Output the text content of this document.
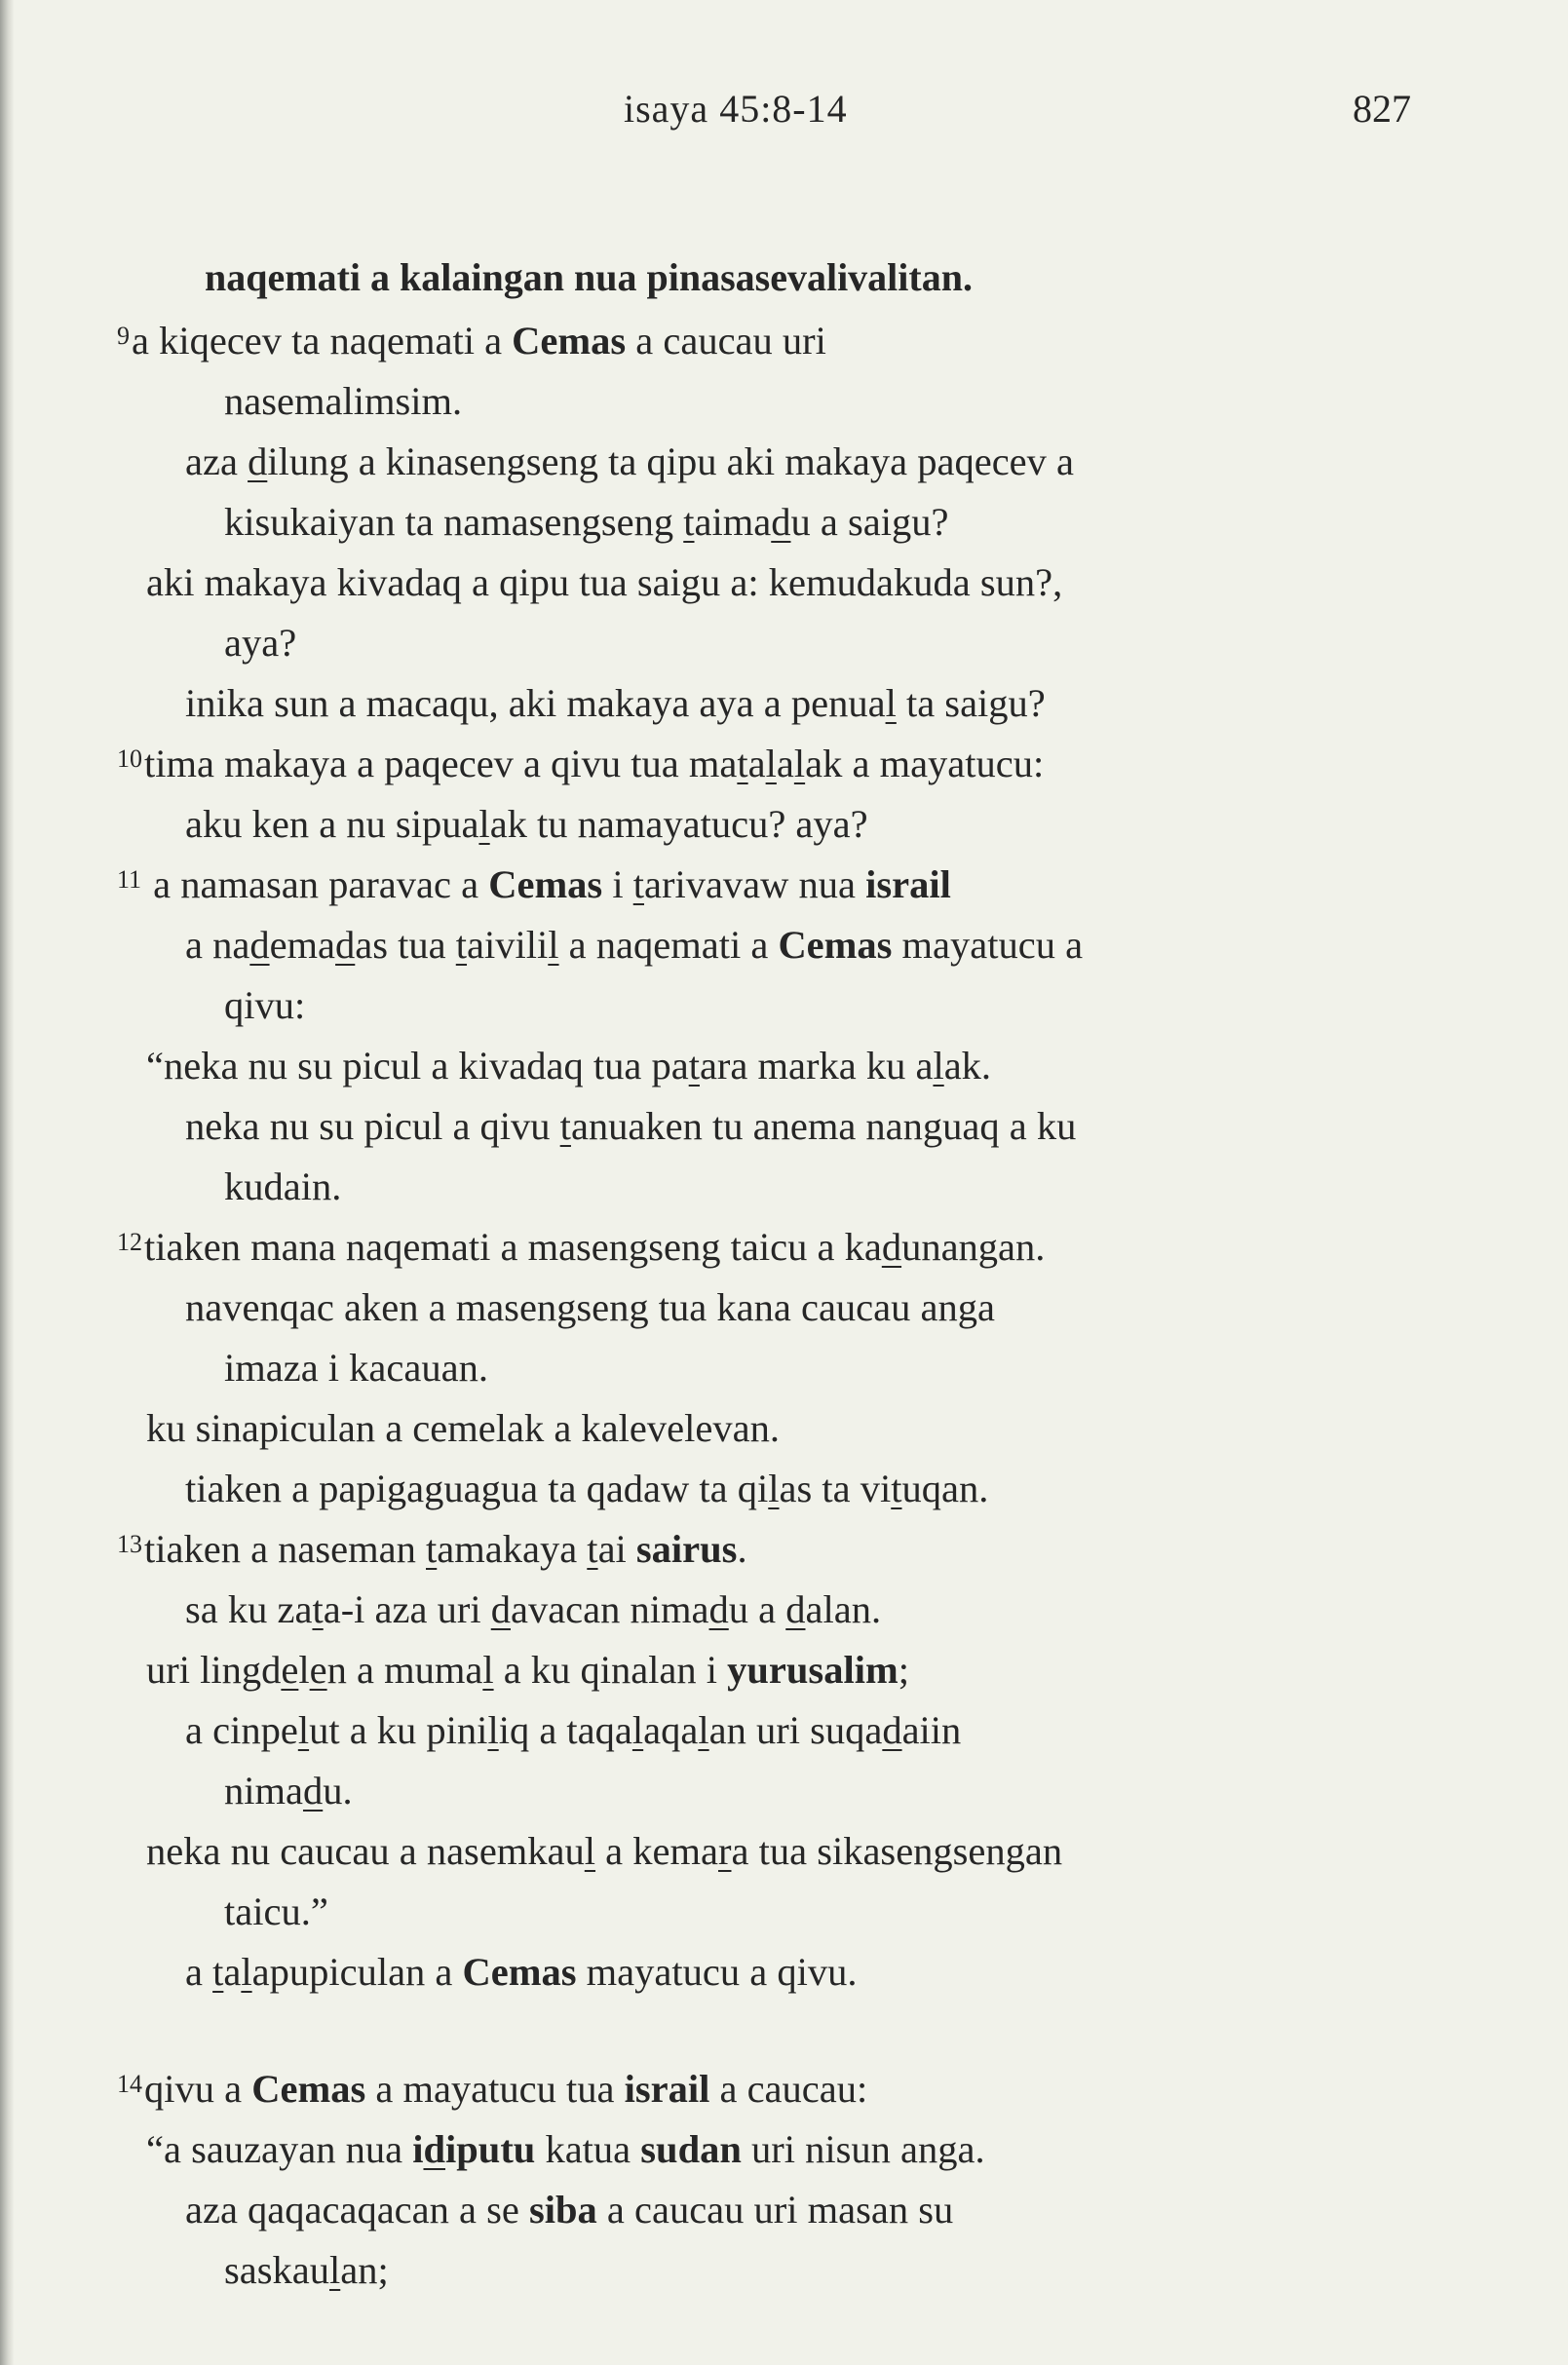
isaya 45:8-14	827
naqemati a kalaingan nua pinasasevalivalitan.
$^9$a kiqecev ta naqemati a Cemas a caucau uri
nasemalimsim.
aza dilung a kinasengseng ta qipu aki makaya paqecev a
kisukaiyan ta namasengseng taimadu a saigu?
aki makaya kivadaq a qipu tua saigu a: kemudakuda sun?,
aya?
inika sun a macaqu, aki makaya aya a penual ta saigu?
$^{10}$tima makaya a paqecev a qivu tua matalalak a mayatucu:
aku ken a nu sipualak tu namayatucu? aya?
$^{11}$ a namasan paravac a Cemas i tarivavaw nua israil
a nademadas tua taivilil a naqemati a Cemas mayatucu a
qivu:
“neka nu su picul a kivadaq tua patara marka ku alak.
neka nu su picul a qivu tanuaken tu anema nanguaq a ku
kudain.
$^{12}$tiaken mana naqemati a masengseng taicu a kadunangan.
navenqac aken a masengseng tua kana caucau anga
imaza i kacauan.
ku sinapiculan a cemelak a kalevelevan.
tiaken a papigaguagua ta qadaw ta qilas ta vituqan.
$^{13}$tiaken a naseman tamakaya tai sairus.
sa ku zata-i aza uri davacan nimadu a dalan.
uri lingdelen a mumal a ku qinalan i yurusalim;
a cinpelut a ku piniliq a taqalaqalan uri suqadaiin
nimadu.
neka nu caucau a nasemkaul a kemara tua sikasengsengan
taicu.”
a talapupiculan a Cemas mayatucu a qivu.
$^{14}$qivu a Cemas a mayatucu tua israil a caucau:
“a sauzayan nua idiputu katua sudan uri nisun anga.
aza qaqacaqacan a se siba a caucau uri masan su
saskaulan;
